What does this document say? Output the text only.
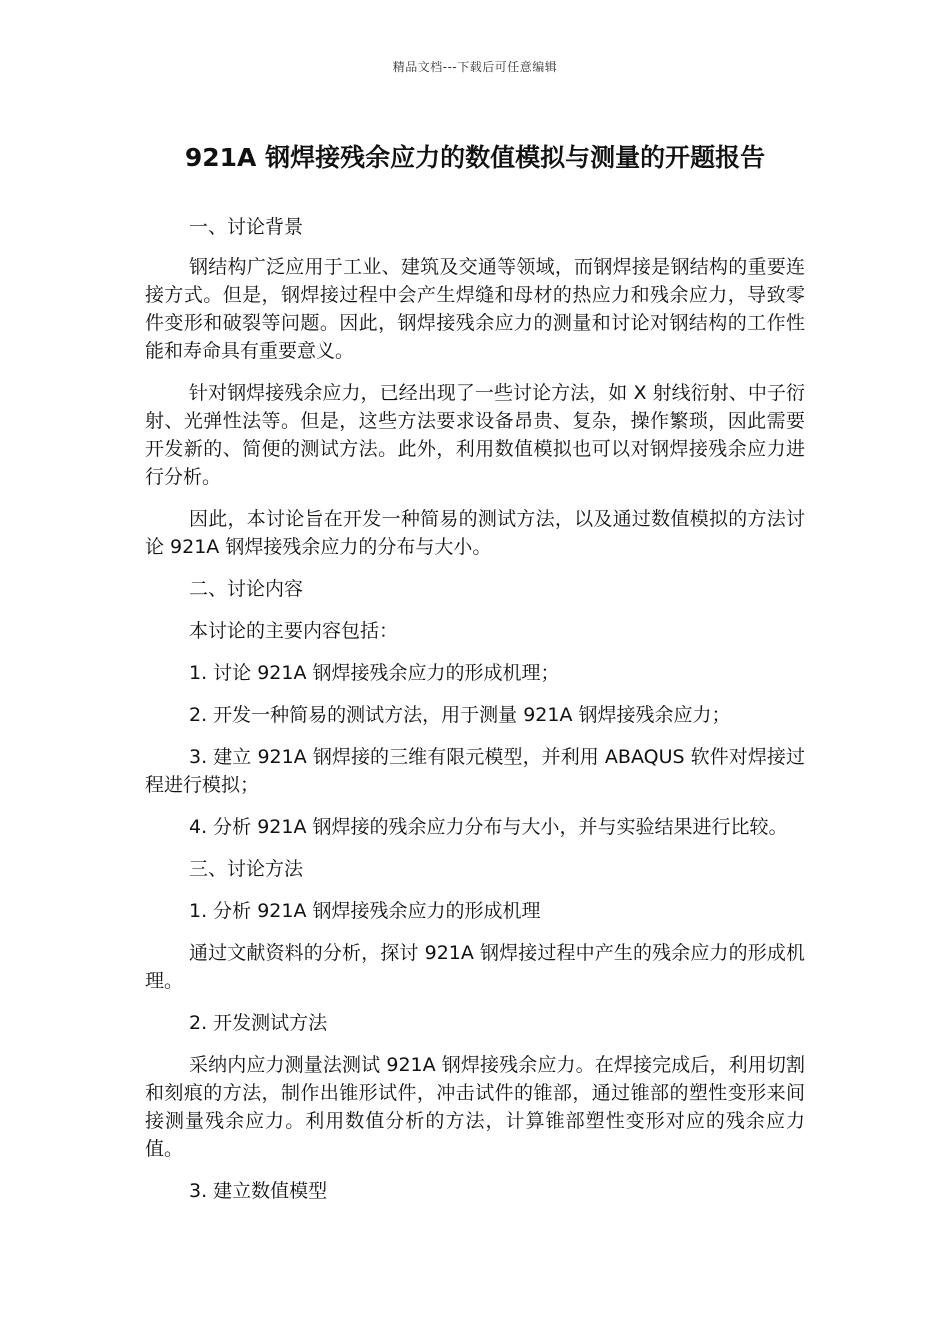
精品文档---下载后可任意编辑
921A 钢焊接残余应力的数值模拟与测量的开题报告

一、讨论背景

钢结构广泛应用于工业、建筑及交通等领域，而钢焊接是钢结构的重要连接方式。但是，钢焊接过程中会产生焊缝和母材的热应力和残余应力，导致零件变形和破裂等问题。因此，钢焊接残余应力的测量和讨论对钢结构的工作性能和寿命具有重要意义。

针对钢焊接残余应力，已经出现了一些讨论方法，如 X 射线衍射、中子衍射、光弹性法等。但是，这些方法要求设备昂贵、复杂，操作繁琐，因此需要开发新的、简便的测试方法。此外，利用数值模拟也可以对钢焊接残余应力进行分析。

因此，本讨论旨在开发一种简易的测试方法，以及通过数值模拟的方法讨论 921A 钢焊接残余应力的分布与大小。

二、讨论内容

本讨论的主要内容包括：

1. 讨论 921A 钢焊接残余应力的形成机理；

2. 开发一种简易的测试方法，用于测量 921A 钢焊接残余应力；

3. 建立 921A 钢焊接的三维有限元模型，并利用 ABAQUS 软件对焊接过程进行模拟；

4. 分析 921A 钢焊接的残余应力分布与大小，并与实验结果进行比较。

三、讨论方法

1. 分析 921A 钢焊接残余应力的形成机理

通过文献资料的分析，探讨 921A 钢焊接过程中产生的残余应力的形成机理。

2. 开发测试方法

采纳内应力测量法测试 921A 钢焊接残余应力。在焊接完成后，利用切割和刻痕的方法，制作出锥形试件，冲击试件的锥部，通过锥部的塑性变形来间接测量残余应力。利用数值分析的方法，计算锥部塑性变形对应的残余应力值。

3. 建立数值模型
